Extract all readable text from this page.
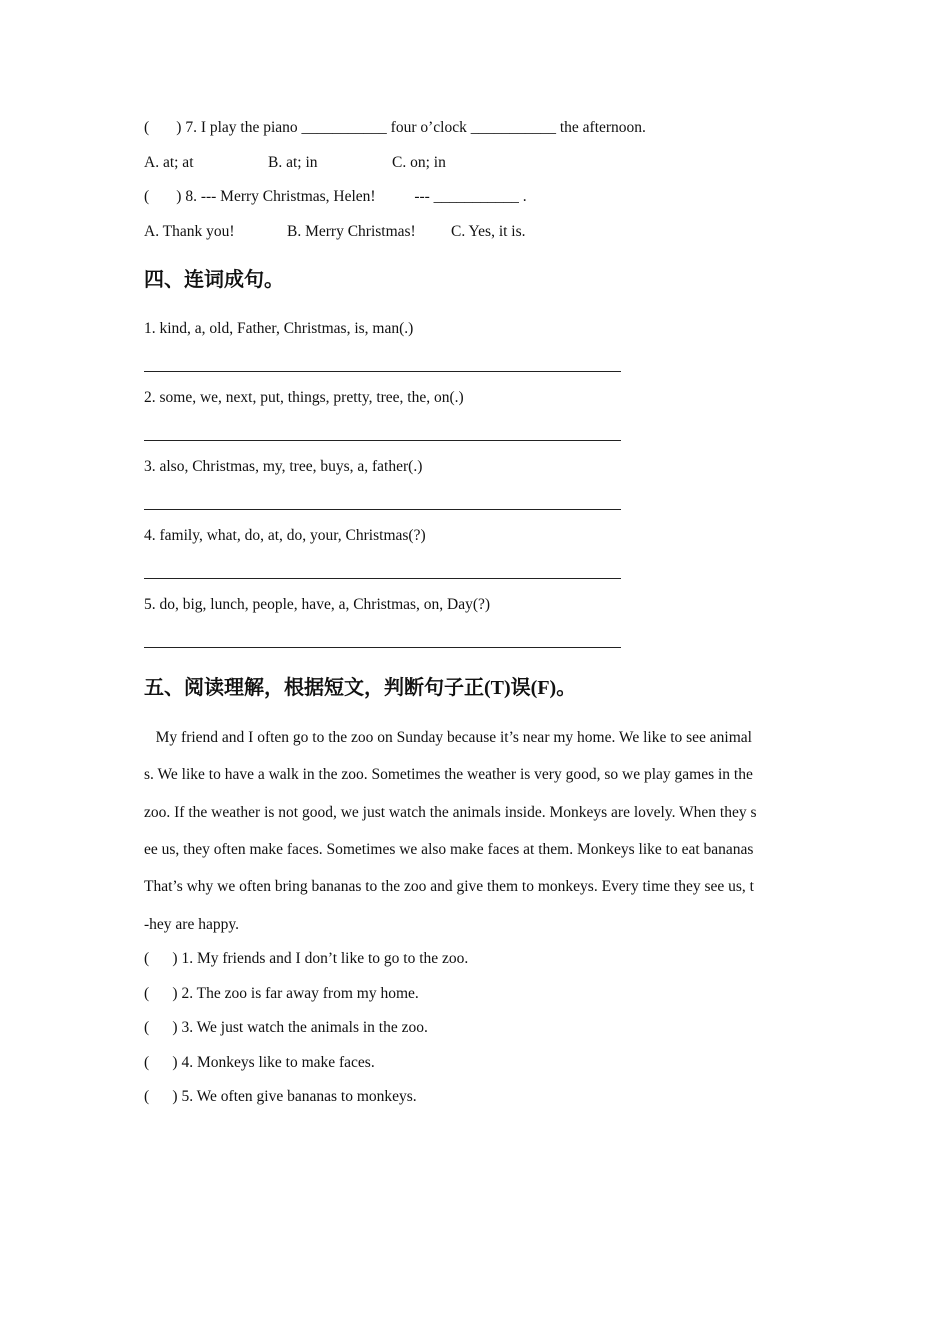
(       ) 7. I play the piano ___________ four o’clock ___________ the afternoon.
A. at; at	B. at; in	C. on; in
(       ) 8. --- Merry Christmas, Helen!          --- ___________ .
A. Thank you!	B. Merry Christmas! C. Yes, it is.
四、连词成句。
1. kind, a, old, Father, Christmas, is, man(.)
2. some, we, next, put, things, pretty, tree, the, on(.)
3. also, Christmas, my, tree, buys, a, father(.)
4. family, what, do, at, do, your, Christmas(?)
5. do, big, lunch, people, have, a, Christmas, on, Day(?)
五、阅读理解，根据短文，判断句子正(T)误(F)。
My friend and I often go to the zoo on Sunday because it’s near my home. We like to see animal
s. We like to have a walk in the zoo. Sometimes the weather is very good, so we play games in the
zoo. If the weather is not good, we just watch the animals inside. Monkeys are lovely. When they s
ee us, they often make faces. Sometimes we also make faces at them. Monkeys like to eat bananas
That’s why we often bring bananas to the zoo and give them to monkeys. Every time they see us, t
-hey are happy.
(      ) 1. My friends and I don’t like to go to the zoo.
(      ) 2. The zoo is far away from my home.
(      ) 3. We just watch the animals in the zoo.
(      ) 4. Monkeys like to make faces.
(      ) 5. We often give bananas to monkeys.
